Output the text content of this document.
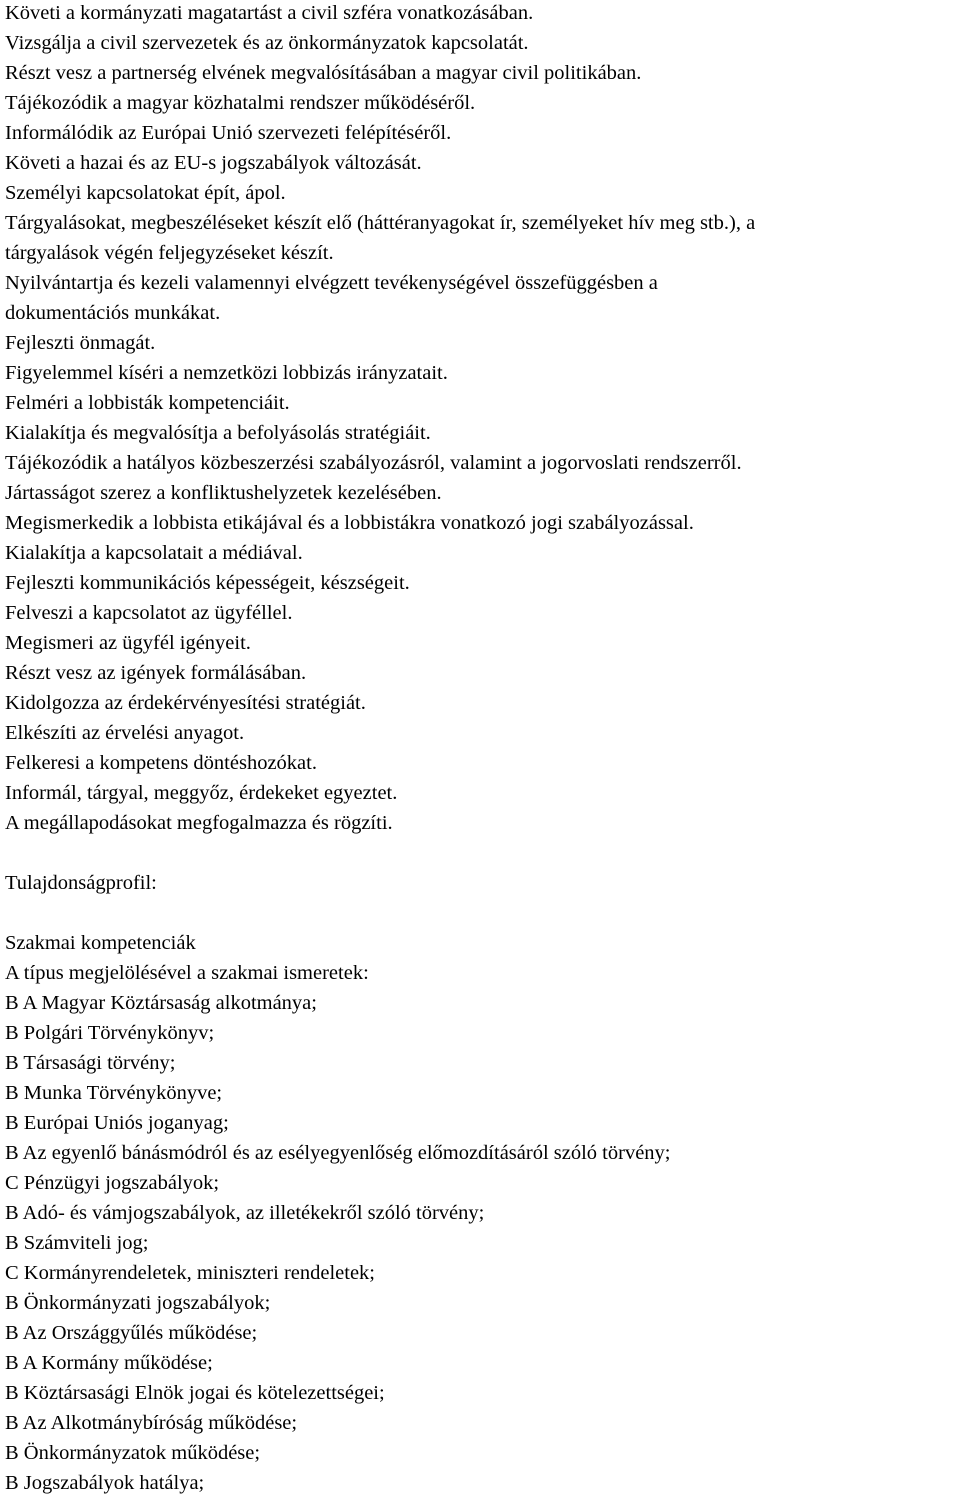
Követi a kormányzati magatartást a civil szféra vonatkozásában.

Vizsgálja a civil szervezetek és az önkormányzatok kapcsolatát.

Részt vesz a partnerség elvének megvalósításában a magyar civil politikában.

Tájékozódik a magyar közhatalmi rendszer működéséről.

Informálódik az Európai Unió szervezeti felépítéséről.

Követi a hazai és az EU-s jogszabályok változását.

Személyi kapcsolatokat épít, ápol.

Tárgyalásokat, megbeszéléseket készít elő (háttéranyagokat ír, személyeket hív meg stb.), a

tárgyalások végén feljegyzéseket készít.

Nyilvántartja és kezeli valamennyi elvégzett tevékenységével összefüggésben a

dokumentációs munkákat.

Fejleszti önmagát.

Figyelemmel kíséri a nemzetközi lobbizás irányzatait.

Felméri a lobbisták kompetenciáit.

Kialakítja és megvalósítja a befolyásolás stratégiáit.

Tájékozódik a hatályos közbeszerzési szabályozásról, valamint a jogorvoslati rendszerről.

Jártasságot szerez a konfliktushelyzetek kezelésében.

Megismerkedik a lobbista etikájával és a lobbistákra vonatkozó jogi szabályozással.

Kialakítja a kapcsolatait a médiával.

Fejleszti kommunikációs képességeit, készségeit.

Felveszi a kapcsolatot az ügyféllel.

Megismeri az ügyfél igényeit.

Részt vesz az igények formálásában.

Kidolgozza az érdekérvényesítési stratégiát.

Elkészíti az érvelési anyagot.

Felkeresi a kompetens döntéshozókat.

Informál, tárgyal, meggyőz, érdekeket egyeztet.

A megállapodásokat megfogalmazza és rögzíti.

Tulajdonságprofil:

Szakmai kompetenciák

A típus megjelölésével a szakmai ismeretek:

B A Magyar Köztársaság alkotmánya;

B Polgári Törvénykönyv;

B Társasági törvény;

B Munka Törvénykönyve;

B Európai Uniós joganyag;

B Az egyenlő bánásmódról és az esélyegyenlőség előmozdításáról szóló törvény;

C Pénzügyi jogszabályok;

B Adó- és vámjogszabályok, az illetékekről szóló törvény;

B Számviteli jog;

C Kormányrendeletek, miniszteri rendeletek;

B Önkormányzati jogszabályok;

B Az Országgyűlés működése;

B A Kormány működése;

B Köztársasági Elnök jogai és kötelezettségei;

B Az Alkotmánybíróság működése;

B Önkormányzatok működése;

B Jogszabályok hatálya;
